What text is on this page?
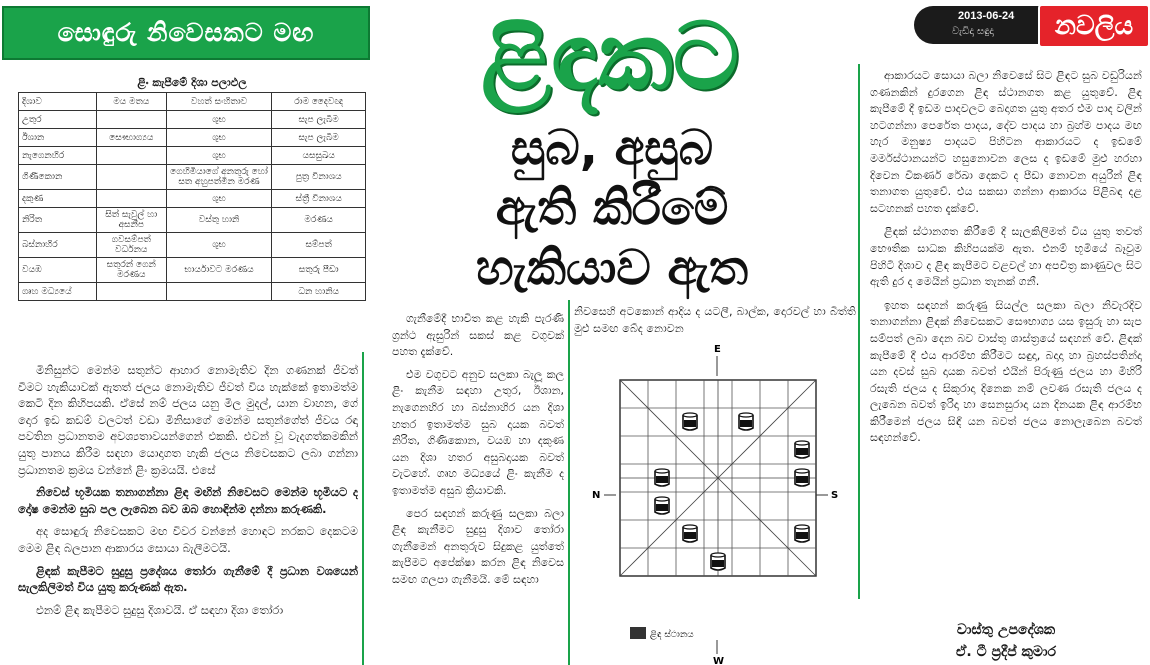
සොඳුරු නිවෙසකට මඟ
2013-06-24
වැඩිදා සඳුදා	නවලිය
ළිඳකට
සුබ, අසුබ
ඇති කිරීමේ
හැකියාව ඇත
ළිං කැපීමේ දිශා පලාඵල
දිශාව	මය මතය	වහත් සංහිතාව	රාම දෛවඥ
උතුර		ශුභ	සැප ලැබීම
ඊශාන	සෞභාග්‍යය	ශුභ	සැප ලැබීම
නැගෙනහිර		ශුභ	යසසුඛය
ගිණිකොන		ගෙහිමියාගේ අනතුරු හෝ සත අහුපත්මින මරණ	පුත්‍ර විනාශය
දකුණ		ශුභ	ස්ත්‍රී විනාශය
නිරිත	සිත් සැවුල් හා අසනීප	වස්තු හානි	මරණය
බස්නාහිර	ගවසම්පත් වර්ධනය	ශුභ	සම්පත්
වයඹ	සතුරන් ගෙන් මරණය	භාර්යාවට මරණය	සතුරු පීඩා
ගෘහ මධ්‍යයේ			ධන හානිය

මිනිසුන්ට මෙන්ම සතුන්ට ආහාර නොමැතිව දින ගණනක් ජීවත් වීමට හැකියාවක් ඇතත් ජලය නොමැතිව ජීවත් විය හැක්කේ ඉතාමත්ම කෙටි දින කිහිපයකි. ඒසේ නම් ජලය යනු මිල මුදල්, යාන වාහන, ගේ දොර ඉඩ කඩම් වලටත් වඩා මිනිසාගේ මෙන්ම සතුන්ගේත් ජීවය රඳා පවතින ප්‍රධානතම අවශ්‍යතාවයන්ගෙන් එකකි. එවන් වූ වැදගත්කමකින් යුතු පානය කිරීම සඳහා යොදාගත හැකි ජලය නිවෙසකට ලබා ගන්නා ප්‍රධානතම ක්‍රමය වන්නේ ළිං ක්‍රමයයි. එසේ

නිවෙස් භූමියක තනාගන්නා ළිඳ මඟින් නිවෙසට මෙන්ම භූමියට ද දෝෂ මෙන්ම සුබ පල ලැබෙන බව ඔබ හොඳින්ම දන්නා කරුණකි.

අද සොඳුරු නිවෙසකට මඟ විවර වන්නේ හොඳට නරකට දෙකටම මෙම ළිඳ බලපාන ආකාරය සොයා බැලීමටයි.

ළිඳක් කැපීමට සුදුසු ප්‍රදේශය තෝරා ගැනීමේ දී ප්‍රධාන වශයෙන් සැලකිලිමත් විය යුතු කරුණක් ඇත.

එනම් ළිඳ කැපීමට සුදුසු දිශාවයි. ඒ සඳහා දිශා තෝරා

ගැනීමේදී භාවිත කළ හැකි පැරණි ග්‍රන්ථ ඇසුරින් සකස් කළ වගුවක් පහත දැක්වේ.

එම වගුවට අනුව සලකා බැලූ කල ළිං කැනීම සඳහා උතුර, ඊශාන, නැගෙනහිර හා බස්නාහිර යන දිශා හතර ඉතාමත්ම සුබ දායක බවත් නිරිත, ගිණිකොන, වයඹ හා දකුණ යන දිශා හතර අසුබදායක බවත් වැටහේ. ගෘහ මධ්‍යයේ ළිං කැනීම ද ඉතාමත්ම අසුබ ක්‍රියාවකි.

පෙර සඳහන් කරුණු සලකා බලා ළිඳ කැනීමට සුදුසු දිශාව තෝරා ගැනීමෙන් අනතුරුව සිදුකළ යුත්තේ කැපීමට අපේක්ෂා කරන ළිඳ නිවෙස සමඟ ගලපා ගැනීමයි. මේ සඳහා

නිවසෙහි අටකොන් ආදිය ද යටලී, බාල්ක, දොරවල් හා බිත්ති මුළු සමඟ බේද නොවන
E
N	S
ළිඳ ස්ථානය
W

ආකාරයට සොයා බලා නිවෙසේ සිට ළිඳට සුබ වඩුරියන් ගණනකින් දුරගෙන ළිඳ ස්ථානගත කළ යුතුවේ. ළිඳ කැපීමේ දී ඉඩම පාදවලට බෙදාගත යුතු අතර එම පාද වලින් හටගන්නා පෙරේත පාදය, දේව පාදය හා බ්‍රහ්ම පාදය මඟ හැර මනුෂ්‍ය පාදයට පිහිටන ආකාරයට ද ඉඩමේ මර්මස්ථානයන්ට හසුනොවන ලෙස ද ඉඩමේ මුළු හරහා දිවෙන විකර්ණ රේඛා දෙකට ද පීඩා නොවන අයුරින් ළිඳ තනාගත යුතුවේ. එය සකසා ගන්නා ආකාරය පිළිබඳ දළ සටහනක් පහත දැක්වේ.

ළිඳක් ස්ථානගත කිරීමේ දී සැලකිලිමත් විය යුතු තවත් භෞතික සාධක කිහිපයක්ම ඇත. එනම් භූමියේ බෑවුම පිහිටි දිශාව ද ළිඳ කැපීමට වළවල් හා අපවිත්‍ර කාණුවල සිට ඇති දුර ද මෙයින් ප්‍රධාන තැනක් ගනී.

ඉහත සඳහන් කරුණු සියල්ල සලකා බලා නිවැරදිව තනාගන්නා ළිඳක් නිවෙසකට සෞභාග්‍ය යස ඉසුරු හා සැප සම්පත් ලබා දෙන බව වාස්තු ශාස්ත්‍රයේ සඳහන් වේ. ළිඳක් කැපීමේ දී එය ආරම්භ කිරීමට සඳුදා, බදාදා හා බ්‍රහස්පතින්දා යන දවස් සුබ දායක බවත් එයින් පිරුණු ජලය හා මිහිරි රසැති ජලය ද සිකුරාදා දිනෙක නම් ලවණ රසැති ජලය ද ලැබෙන බවත් ඉරිදා හා සෙනසුරාදා යන දිනයක ළිඳ ආරම්භ කිරීමෙන් ජලය සිඳී යන බවත් ජලය නොලැබෙන බවත් සඳහන්වේ.

වාස්තු උපදේශක
ඒ. ටී ප්‍රදීප් කුමාර
